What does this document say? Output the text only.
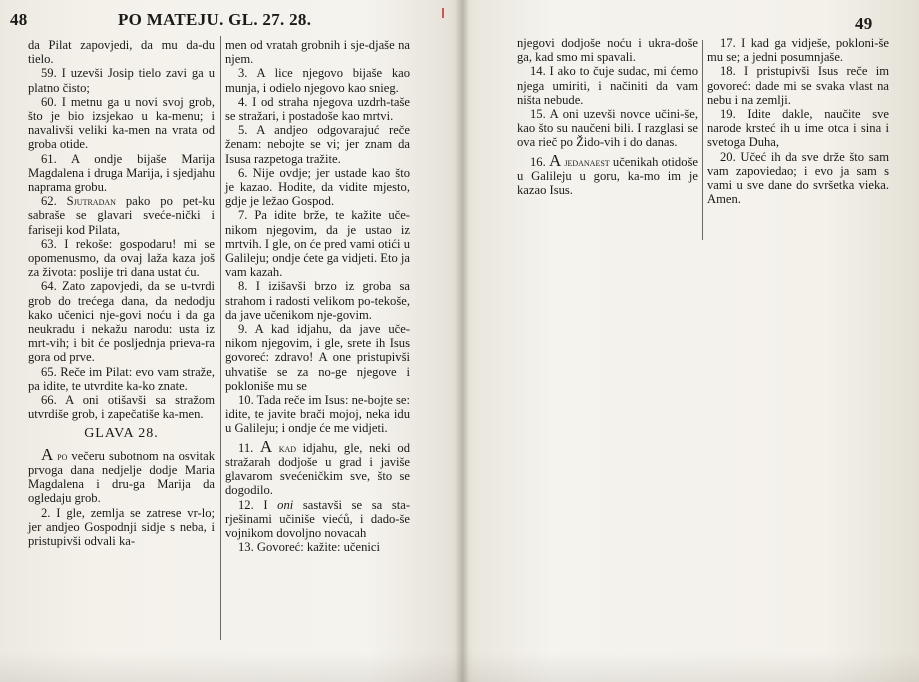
48	PO MATEJU. GL. 27. 28.	49

da Pilat zapovjedi, da mu da-du tielo.

59. I uzevši Josip tielo zavi ga u platno čisto;

60. I metnu ga u novi svoj grob, što je bio izsjekao u ka-menu; i navalivši veliki ka-men na vrata od groba otide.

61. A ondje bijaše Marija Magdalena i druga Marija, i sjedjahu naprama grobu.

62. Sjutradan pako po pet-ku sabraše se glavari sveće-nički i fariseji kod Pilata,

63. I rekoše: gospodaru! mi se opomenusmo, da ovaj laža kaza još za života: poslije tri dana ustat ću.

64. Zato zapovjedi, da se u-tvrdi grob do trećega dana, da nedodju kako učenici nje-govi noću i da ga neukradu i nekažu narodu: usta iz mrt-vih; i bit će posljednja prieva-ra gora od prve.

65. Reče im Pilat: evo vam straže, pa idite, te utvrdite ka-ko znate.

66. A oni otišavši sa stražom utvrdiše grob, i zapečatiše ka-men.

GLAVA 28.

A po večeru subotnom na osvitak prvoga dana nedjelje dodje Maria Magdalena i dru-ga Marija da ogledaju grob.

2. I gle, zemlja se zatrese vr-lo; jer andjeo Gospodnji sidje s neba, i pristupivši odvali ka-

men od vratah grobnih i sje-djaše na njem.

3. A lice njegovo bijaše kao munja, i odielo njegovo kao snieg.

4. I od straha njegova uzdrh-taše se stražari, i postadoše kao mrtvi.

5. A andjeo odgovarajuć reče ženam: nebojte se vi; jer znam da Isusa razpetoga tražite.

6. Nije ovdje; jer ustade kao što je kazao. Hodite, da vidite mjesto, gdje je ležao Gospod.

7. Pa idite brže, te kažite uče-nikom njegovim, da je ustao iz mrtvih. I gle, on će pred vami otići u Galileju; ondje ćete ga vidjeti. Eto ja vam kazah.

8. I izišavši brzo iz groba sa strahom i radosti velikom po-tekoše, da jave učenikom nje-govim.

9. A kad idjahu, da jave uče-nikom njegovim, i gle, srete ih Isus govoreć: zdravo! A one pristupivši uhvatiše se za no-ge njegove i pokloniše mu se

10. Tada reče im Isus: ne-bojte se: idite, te javite brači mojoj, neka idu u Galileju; i ondje će me vidjeti.

11. A kad idjahu, gle, neki od stražarah dodjoše u grad i javiše glavarom svećeničkim sve, što se dogodilo.

12. I oni sastavši se sa sta-rješinami učiniše viećů, i dado-še vojnikom dovoljno novacah

13. Govoreć: kažite: učenici

njegovi dodjoše noću i ukra-doše ga, kad smo mi spavali.

14. I ako to čuje sudac, mi ćemo njega umiriti, i načiniti da vam ništa nebude.

15. A oni uzevši novce učini-še, kao što su naučeni bili. I razglasi se ova rieč po Žido-vih i do danas.

16. A jedanaest učenikah otidoše u Galileju u goru, ka-mo im je kazao Isus.

17. I kad ga vidješe, pokloni-še mu se; a jedni posumnjaše.

18. I pristupivši Isus reče im govoreć: dade mi se svaka vlast na nebu i na zemlji.

19. Idite dakle, naučite sve narode krsteć ih u ime otca i sina i svetoga Duha,

20. Učeć ih da sve drže što sam vam zapoviedao; i evo ja sam s vami u sve dane do svršetka vieka. Amen.
